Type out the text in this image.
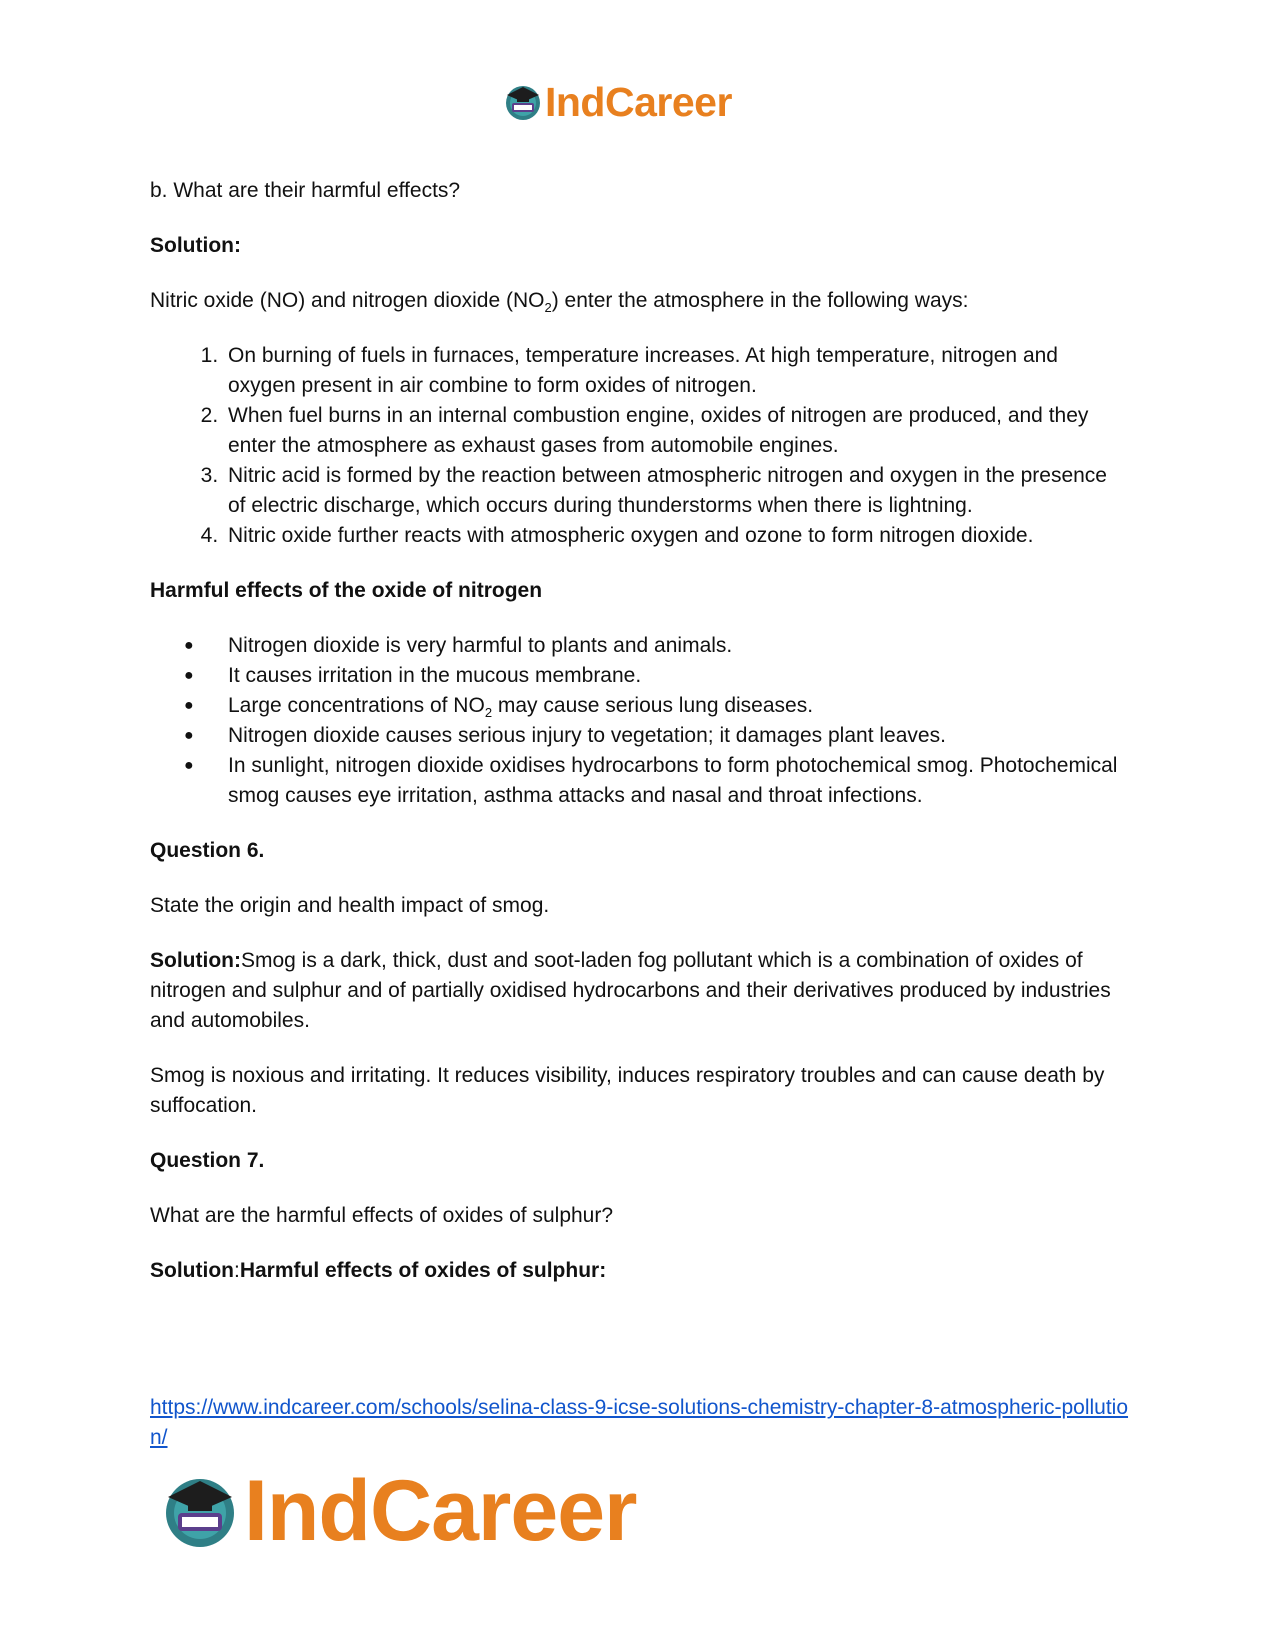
IndCareer
b. What are their harmful effects?
Solution:
Nitric oxide (NO) and nitrogen dioxide $(NO_2)$ enter the atmosphere in the following ways:
1. On burning of fuels in furnaces, temperature increases. At high temperature, nitrogen and oxygen present in air combine to form oxides of nitrogen.
2. When fuel burns in an internal combustion engine, oxides of nitrogen are produced, and they enter the atmosphere as exhaust gases from automobile engines.
3. Nitric acid is formed by the reaction between atmospheric nitrogen and oxygen in the presence of electric discharge, which occurs during thunderstorms when there is lightning.
4. Nitric oxide further reacts with atmospheric oxygen and ozone to form nitrogen dioxide.
Harmful effects of the oxide of nitrogen
● Nitrogen dioxide is very harmful to plants and animals.
● It causes irritation in the mucous membrane.
● Large concentrations of $NO_2$ may cause serious lung diseases.
● Nitrogen dioxide causes serious injury to vegetation; it damages plant leaves.
● In sunlight, nitrogen dioxide oxidises hydrocarbons to form photochemical smog. Photochemical smog causes eye irritation, asthma attacks and nasal and throat infections.
Question 6.
State the origin and health impact of smog.
Solution:Smog is a dark, thick, dust and soot-laden fog pollutant which is a combination of oxides of nitrogen and sulphur and of partially oxidised hydrocarbons and their derivatives produced by industries and automobiles.
Smog is noxious and irritating. It reduces visibility, induces respiratory troubles and can cause death by suffocation.
Question 7.
What are the harmful effects of oxides of sulphur?
Solution:Harmful effects of oxides of sulphur:
https://www.indcareer.com/schools/selina-class-9-icse-solutions-chemistry-chapter-8-atmospheric-pollution/
IndCareer
